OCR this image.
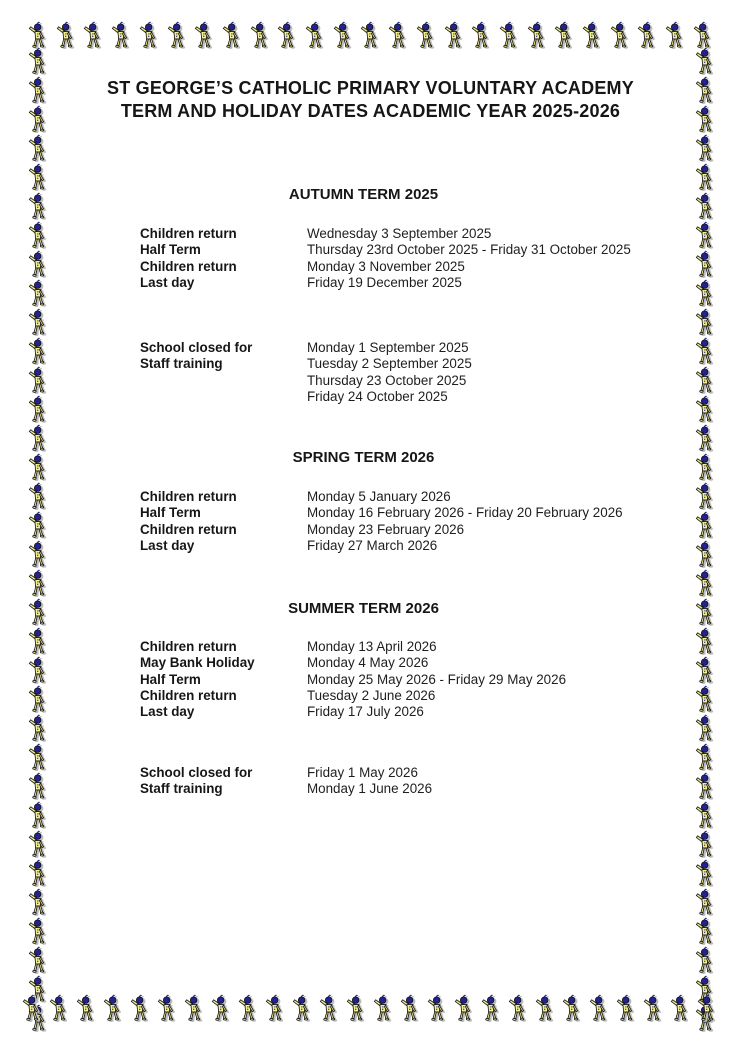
ST GEORGE’S CATHOLIC PRIMARY VOLUNTARY ACADEMY
TERM AND HOLIDAY DATES ACADEMIC YEAR 2025-2026
AUTUMN TERM 2025
Children return	Wednesday 3 September 2025
Half Term	Thursday 23rd October 2025 - Friday 31 October 2025
Children return	Monday 3 November 2025
Last day	Friday 19 December 2025
School closed for	Monday 1 September 2025
Staff training	Tuesday 2 September 2025
Thursday 23 October 2025
Friday 24 October 2025
SPRING TERM 2026
Children return	Monday 5 January 2026
Half Term	Monday 16 February 2026 - Friday 20 February 2026
Children return	Monday 23 February 2026
Last day	Friday 27 March 2026
SUMMER TERM 2026
Children return	Monday 13 April 2026
May Bank Holiday	Monday 4 May 2026
Half Term	Monday 25 May 2026 - Friday 29 May 2026
Children return	Tuesday 2 June 2026
Last day	Friday 17 July 2026
School closed for	Friday 1 May 2026
Staff training	Monday 1 June 2026
